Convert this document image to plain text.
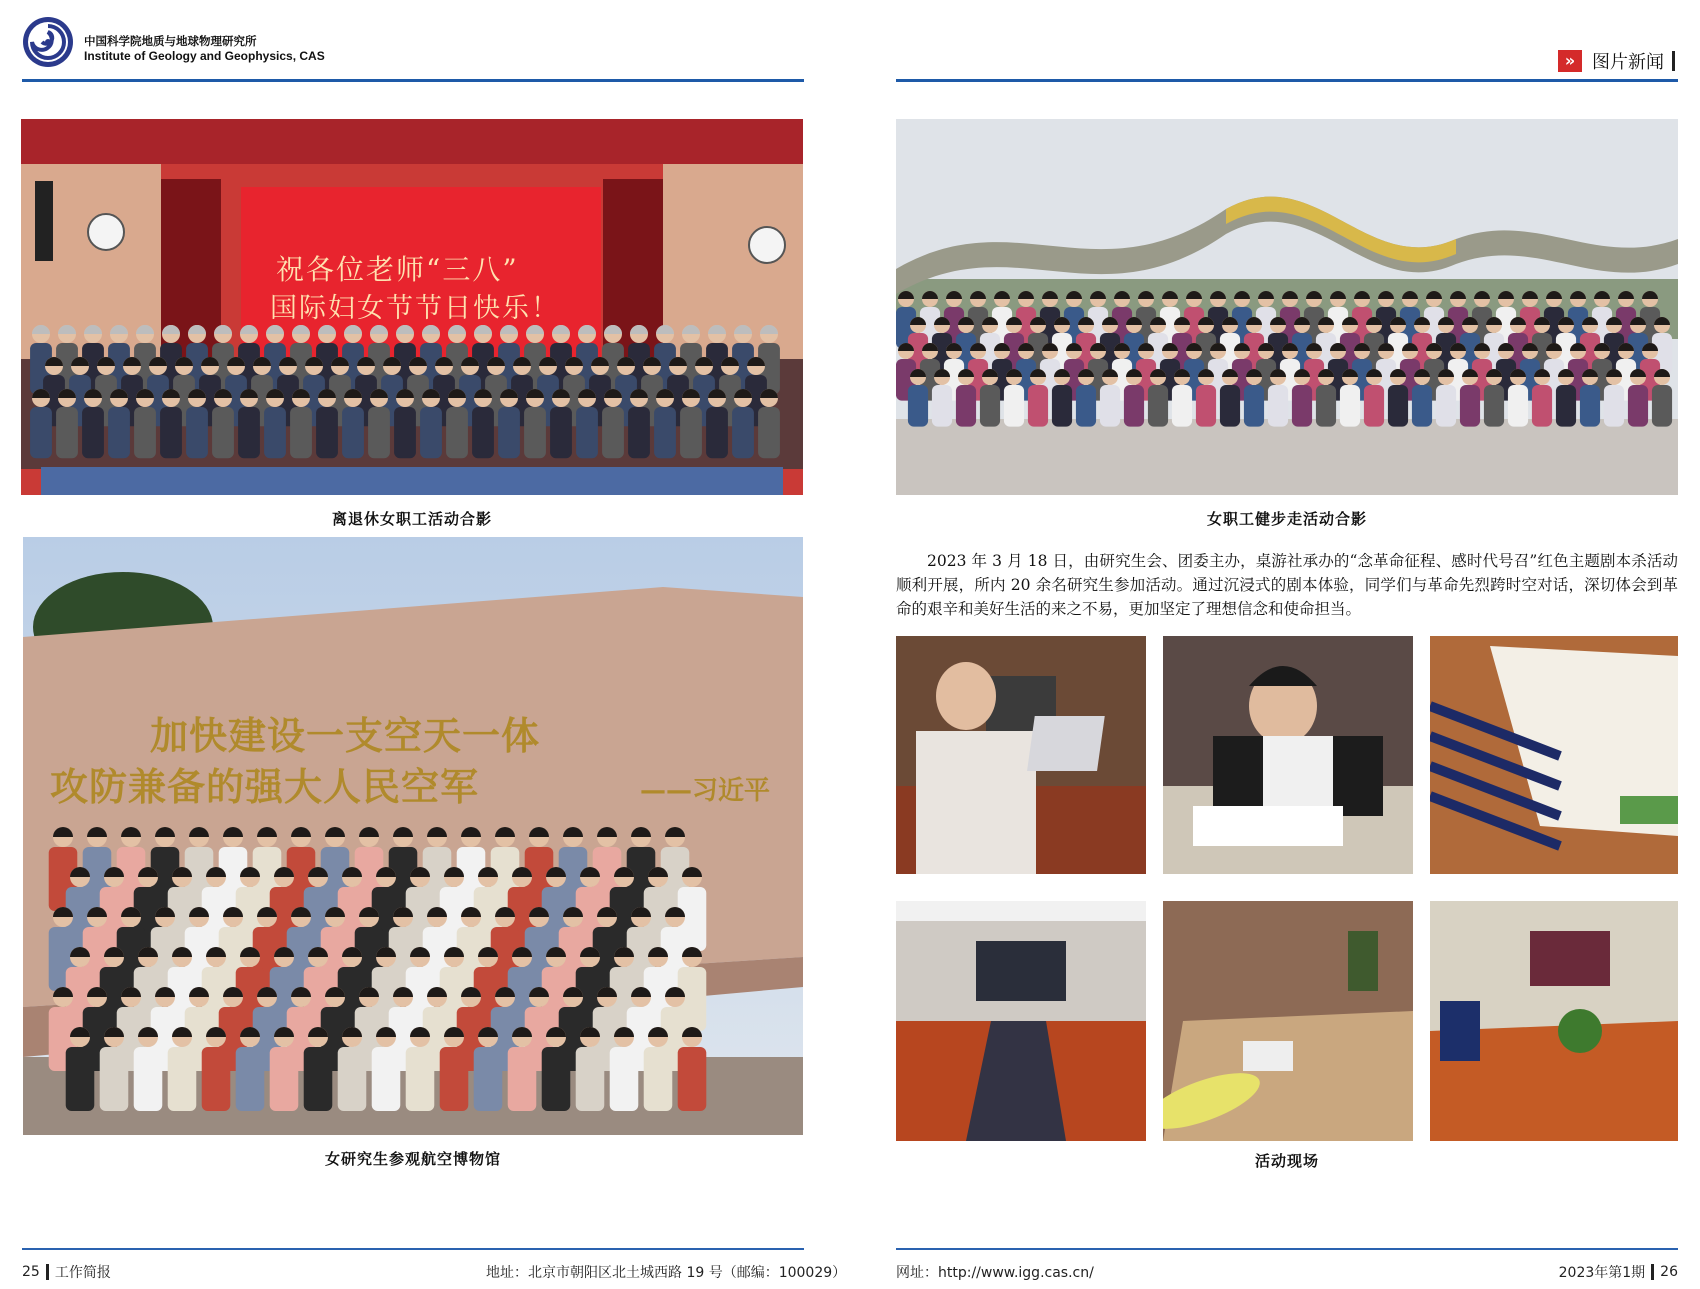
中国科学院地质与地球物理研究所
Institute of Geology and Geophysics, CAS	» 图片新闻
祝各位老师“三八”
国际妇女节节日快乐！
离退休女职工活动合影
加快建设一支空天一体
攻防兼备的强大人民空军	——习近平
女研究生参观航空博物馆
女职工健步走活动合影
2023 年 3 月 18 日，由研究生会、团委主办，桌游社承办的“念革命征程、感时代号召”红色主题剧本杀活动顺利开展，所内 20 余名研究生参加活动。通过沉浸式的剧本体验，同学们与革命先烈跨时空对话，深切体会到革命的艰辛和美好生活的来之不易，更加坚定了理想信念和使命担当。
活动现场
25 工作简报	地址：北京市朝阳区北土城西路 19 号（邮编：100029）	网址：http://www.igg.cas.cn/	2023年第1期 26
